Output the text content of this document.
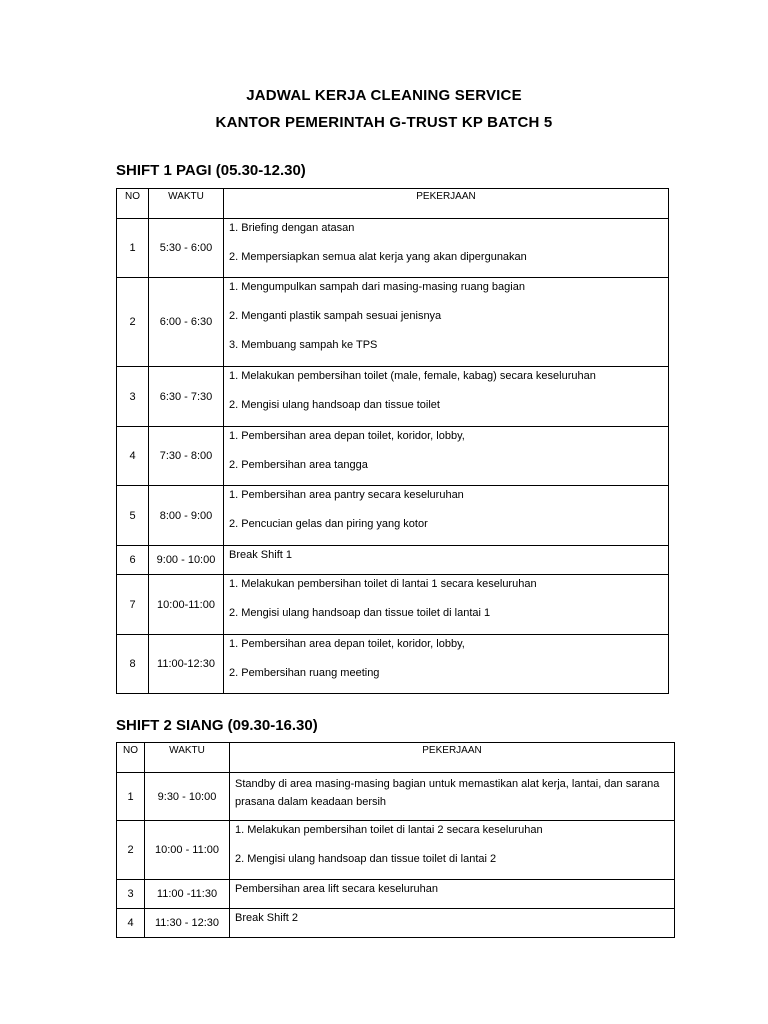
JADWAL KERJA CLEANING SERVICE
KANTOR PEMERINTAH G-TRUST KP BATCH 5
SHIFT 1 PAGI (05.30-12.30)
NO	WAKTU	PEKERJAAN
1	5:30 - 6:00	1. Briefing dengan atasan
2. Mempersiapkan semua alat kerja yang akan dipergunakan

2	6:00 - 6:30	1. Mengumpulkan sampah dari masing-masing ruang bagian
2. Menganti plastik sampah sesuai jenisnya
3. Membuang sampah ke TPS

3	6:30 - 7:30	1. Melakukan pembersihan toilet (male, female, kabag) secara keseluruhan
2. Mengisi ulang handsoap dan tissue toilet

4	7:30 - 8:00	1. Pembersihan area depan toilet, koridor, lobby,
2. Pembersihan area tangga

5	8:00 - 9:00	1. Pembersihan area pantry secara keseluruhan
2. Pencucian gelas dan piring yang kotor

6	9:00 - 10:00	Break Shift 1

7	10:00-11:00	1. Melakukan pembersihan toilet di lantai 1 secara keseluruhan
2. Mengisi ulang handsoap dan tissue toilet di lantai 1

8	11:00-12:30	1. Pembersihan area depan toilet, koridor, lobby,
2. Pembersihan ruang meeting
SHIFT 2 SIANG (09.30-16.30)
NO	WAKTU	PEKERJAAN
1	9:30 - 10:00	Standby di area masing-masing bagian untuk memastikan alat kerja, lantai, dan sarana prasana dalam keadaan bersih

2	10:00 - 11:00	1. Melakukan pembersihan toilet di lantai 2 secara keseluruhan
2. Mengisi ulang handsoap dan tissue toilet di lantai 2

3	11:00 -11:30	Pembersihan area lift secara keseluruhan

4	11:30 - 12:30	Break Shift 2
